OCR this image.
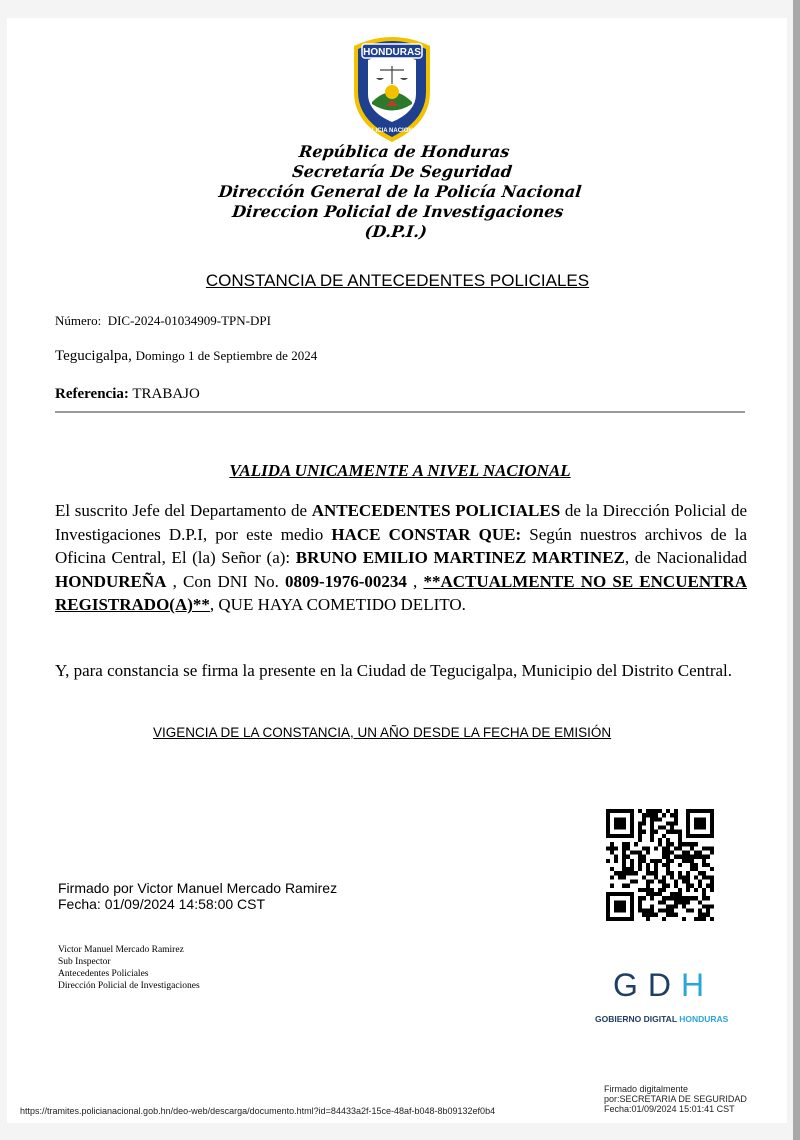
HONDURAS
POLICIA NACIONAL
República de Honduras
Secretaría De Seguridad
Dirección General de la Policía Nacional
Direccion Policial de Investigaciones
(D.P.I.)
CONSTANCIA DE ANTECEDENTES POLICIALES
Número: DIC-2024-01034909-TPN-DPI
Tegucigalpa, Domingo 1 de Septiembre de 2024
Referencia: TRABAJO
VALIDA UNICAMENTE A NIVEL NACIONAL
El suscrito Jefe del Departamento de ANTECEDENTES POLICIALES de la Dirección Policial de Investigaciones D.P.I, por este medio HACE CONSTAR QUE: Según nuestros archivos de la Oficina Central, El (la) Señor (a): BRUNO EMILIO MARTINEZ MARTINEZ, de Nacionalidad HONDUREÑA , Con DNI No. 0809-1976-00234 , **ACTUALMENTE NO SE ENCUENTRA REGISTRADO(A)**, QUE HAYA COMETIDO DELITO.
Y, para constancia se firma la presente en la Ciudad de Tegucigalpa, Municipio del Distrito Central.
VIGENCIA DE LA CONSTANCIA, UN AÑO DESDE LA FECHA DE EMISIÓN
Firmado por Victor Manuel Mercado Ramirez
Fecha: 01/09/2024 14:58:00 CST
Victor Manuel Mercado Ramirez
Sub Inspector
Antecedentes Policiales
Dirección Policial de Investigaciones	GDH
GOBIERNO DIGITAL HONDURAS
https://tramites.policianacional.gob.hn/deo-web/descarga/documento.html?id=84433a2f-15ce-48af-b048-8b09132ef0b4
Firmado digitalmente
por:SECRETARIA DE SEGURIDAD
Fecha:01/09/2024 15:01:41 CST
